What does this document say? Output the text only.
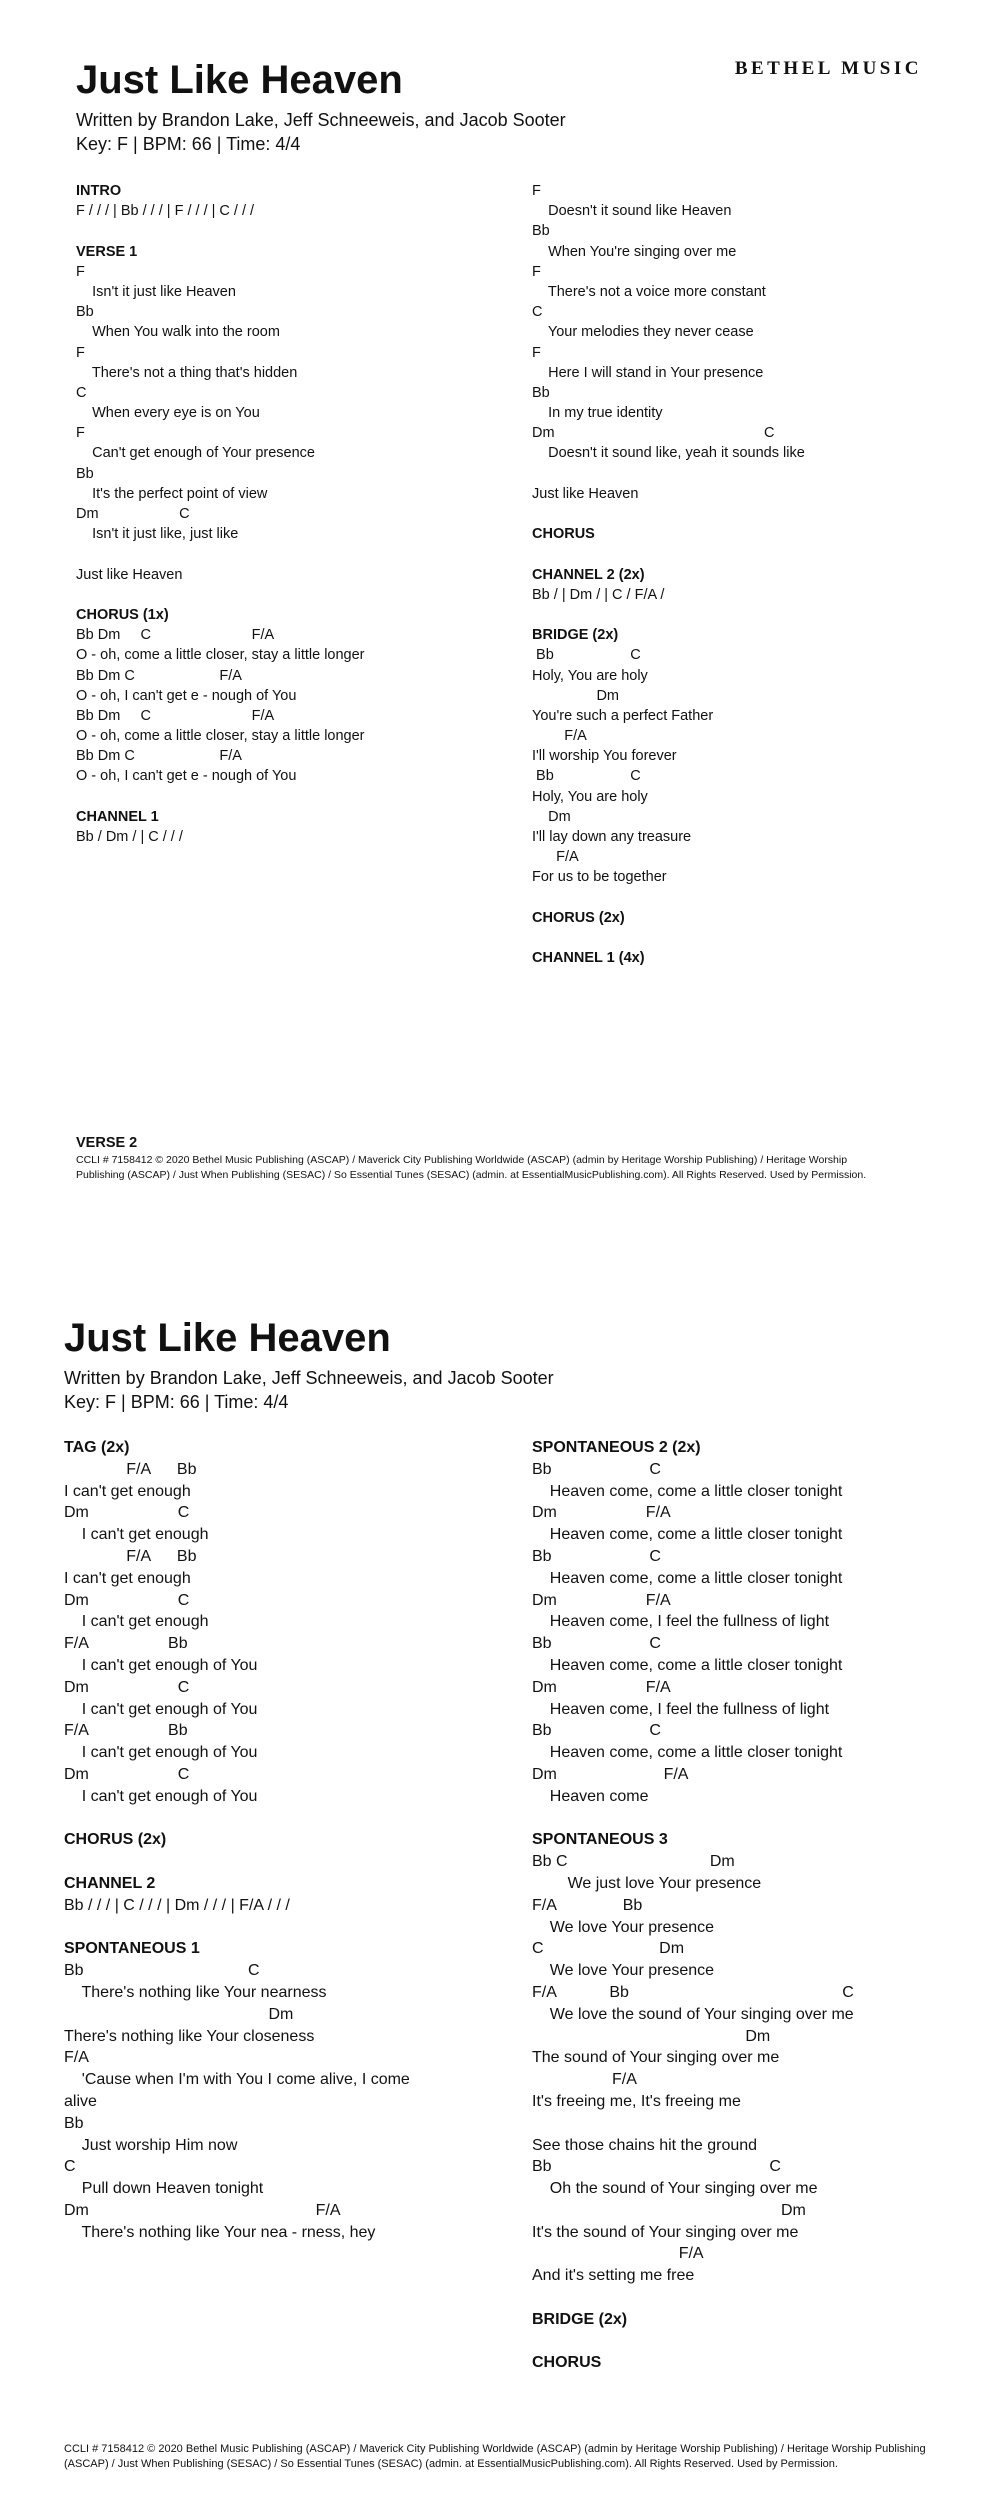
BETHEL MUSIC
Just Like Heaven
Written by Brandon Lake, Jeff Schneeweis, and Jacob Sooter
Key: F | BPM: 66 | Time: 4/4
INTRO
F / / / | Bb / / / | F / / / | C / / /
VERSE 1
F
Isn't it just like Heaven
Bb
When You walk into the room
F
There's not a thing that's hidden
C
When every eye is on You
F
Can't get enough of Your presence
Bb
It's the perfect point of view
Dm                    C
Isn't it just like, just like
Just like Heaven
CHORUS (1x)
Bb Dm     C                         F/A
O - oh, come a little closer, stay a little longer
Bb Dm C                     F/A
O - oh, I can't get e - nough of You
Bb Dm     C                         F/A
O - oh, come a little closer, stay a little longer
Bb Dm C                     F/A
O - oh, I can't get e - nough of You
CHANNEL 1
Bb / Dm / | C / / /
F
Doesn't it sound like Heaven
Bb
When You're singing over me
F
There's not a voice more constant
C
Your melodies they never cease
F
Here I will stand in Your presence
Bb
In my true identity
Dm                                                    C
Doesn't it sound like, yeah it sounds like
Just like Heaven
CHORUS
CHANNEL 2 (2x)
Bb / | Dm / | C / F/A /
BRIDGE (2x)
Bb                   C
Holy, You are holy
Dm
You're such a perfect Father
F/A
I'll worship You forever
Bb                   C
Holy, You are holy
Dm
I'll lay down any treasure
F/A
For us to be together
CHORUS (2x)
CHANNEL 1 (4x)
VERSE 2
CCLI # 7158412 © 2020 Bethel Music Publishing (ASCAP) / Maverick City Publishing Worldwide (ASCAP) (admin by Heritage Worship Publishing) / Heritage Worship Publishing (ASCAP) / Just When Publishing (SESAC) / So Essential Tunes (SESAC) (admin. at EssentialMusicPublishing.com). All Rights Reserved. Used by Permission.
Just Like Heaven
Written by Brandon Lake, Jeff Schneeweis, and Jacob Sooter
Key: F | BPM: 66 | Time: 4/4
TAG (2x)
F/A      Bb
I can't get enough
Dm                    C
I can't get enough
F/A      Bb
I can't get enough
Dm                    C
I can't get enough
F/A                  Bb
I can't get enough of You
Dm                    C
I can't get enough of You
F/A                  Bb
I can't get enough of You
Dm                    C
I can't get enough of You
CHORUS (2x)
CHANNEL 2
Bb / / / | C / / / | Dm / / / | F/A / / /
SPONTANEOUS 1
Bb                                     C
There's nothing like Your nearness
Dm
There's nothing like Your closeness
F/A
'Cause when I'm with You I come alive, I come
alive
Bb
Just worship Him now
C
Pull down Heaven tonight
Dm                                                   F/A
There's nothing like Your nea - rness, hey
SPONTANEOUS 2 (2x)
Bb                      C
Heaven come, come a little closer tonight
Dm                    F/A
Heaven come, come a little closer tonight
Bb                      C
Heaven come, come a little closer tonight
Dm                    F/A
Heaven come, I feel the fullness of light
Bb                      C
Heaven come, come a little closer tonight
Dm                    F/A
Heaven come, I feel the fullness of light
Bb                      C
Heaven come, come a little closer tonight
Dm                        F/A
Heaven come
SPONTANEOUS 3
Bb C                                Dm
We just love Your presence
F/A               Bb
We love Your presence
C                          Dm
We love Your presence
F/A            Bb                                                C
We love the sound of Your singing over me
Dm
The sound of Your singing over me
F/A
It's freeing me, It's freeing me
See those chains hit the ground
Bb                                                 C
Oh the sound of Your singing over me
Dm
It's the sound of Your singing over me
F/A
And it's setting me free
BRIDGE (2x)
CHORUS
CCLI # 7158412 © 2020 Bethel Music Publishing (ASCAP) / Maverick City Publishing Worldwide (ASCAP) (admin by Heritage Worship Publishing) / Heritage Worship Publishing (ASCAP) / Just When Publishing (SESAC) / So Essential Tunes (SESAC) (admin. at EssentialMusicPublishing.com). All Rights Reserved. Used by Permission.
